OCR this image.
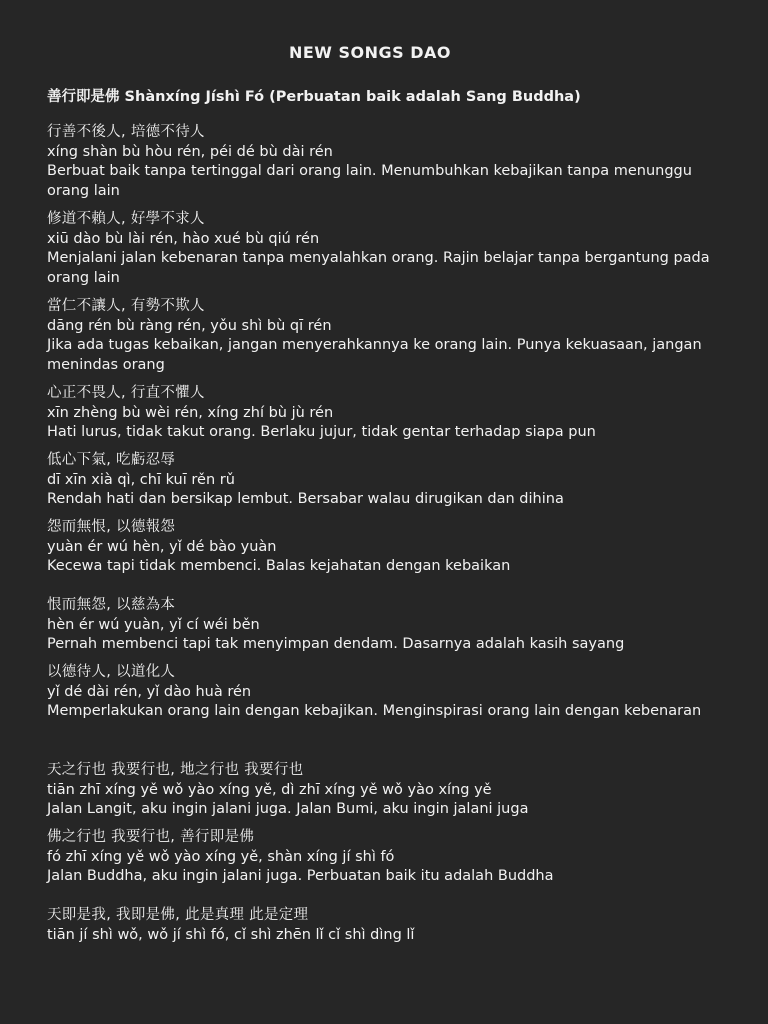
NEW SONGS DAO
善行即是佛 Shànxíng Jíshì Fó (Perbuatan baik adalah Sang Buddha)
行善不後人, 培德不待人
xíng shàn bù hòu rén, péi dé bù dài rén
Berbuat baik tanpa tertinggal dari orang lain. Menumbuhkan kebajikan tanpa menunggu orang lain
修道不賴人, 好學不求人
xiū dào bù lài rén, hào xué bù qiú rén
Menjalani jalan kebenaran tanpa menyalahkan orang. Rajin belajar tanpa bergantung pada orang lain
當仁不讓人, 有勢不欺人
dāng rén bù ràng rén, yǒu shì bù qī rén
Jika ada tugas kebaikan, jangan menyerahkannya ke orang lain. Punya kekuasaan, jangan menindas orang
心正不畏人, 行直不懼人
xīn zhèng bù wèi rén, xíng zhí bù jù rén
Hati lurus, tidak takut orang. Berlaku jujur, tidak gentar terhadap siapa pun
低心下氣, 吃虧忍辱
dī xīn xià qì, chī kuī rěn rǔ
Rendah hati dan bersikap lembut. Bersabar walau dirugikan dan dihina
怨而無恨, 以德報怨
yuàn ér wú hèn, yǐ dé bào yuàn
Kecewa tapi tidak membenci. Balas kejahatan dengan kebaikan
恨而無怨, 以慈為本
hèn ér wú yuàn, yǐ cí wéi běn
Pernah membenci tapi tak menyimpan dendam. Dasarnya adalah kasih sayang
以德待人, 以道化人
yǐ dé dài rén, yǐ dào huà rén
Memperlakukan orang lain dengan kebajikan. Menginspirasi orang lain dengan kebenaran
天之行也 我要行也, 地之行也 我要行也
tiān zhī xíng yě wǒ yào xíng yě, dì zhī xíng yě wǒ yào xíng yě
Jalan Langit, aku ingin jalani juga. Jalan Bumi, aku ingin jalani juga
佛之行也 我要行也, 善行即是佛
fó zhī xíng yě wǒ yào xíng yě, shàn xíng jí shì fó
Jalan Buddha, aku ingin jalani juga. Perbuatan baik itu adalah Buddha
天即是我, 我即是佛, 此是真理 此是定理
tiān jí shì wǒ, wǒ jí shì fó, cǐ shì zhēn lǐ cǐ shì dìng lǐ
